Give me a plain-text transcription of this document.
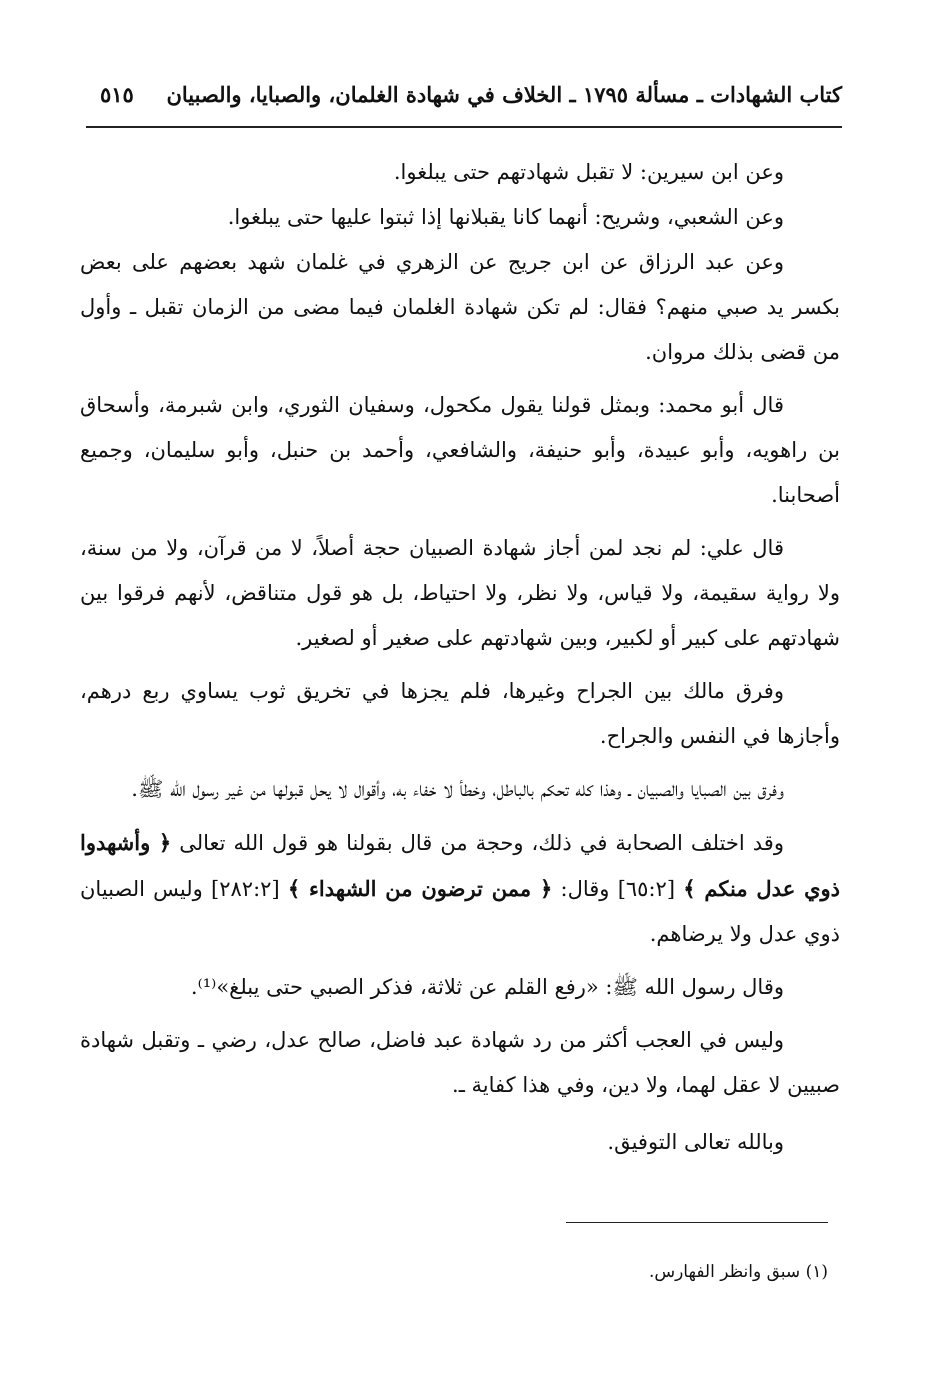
كتاب الشهادات ـ مسألة ١٧٩٥ ـ الخلاف في شهادة الغلمان، والصبايا، والصبيان
٥١٥

وعن ابن سيرين: لا تقبل شهادتهم حتى يبلغوا.

وعن الشعبي، وشريح: أنهما كانا يقبلانها إذا ثبتوا عليها حتى يبلغوا.

وعن عبد الرزاق عن ابن جريج عن الزهري في غلمان شهد بعضهم على بعض بكسر يد صبي منهم؟ فقال: لم تكن شهادة الغلمان فيما مضى من الزمان تقبل ـ وأول من قضى بذلك مروان.

قال أبو محمد: وبمثل قولنا يقول مكحول، وسفيان الثوري، وابن شبرمة، وأسحاق بن راهويه، وأبو عبيدة، وأبو حنيفة، والشافعي، وأحمد بن حنبل، وأبو سليمان، وجميع أصحابنا.

قال علي: لم نجد لمن أجاز شهادة الصبيان حجة أصلاً، لا من قرآن، ولا من سنة، ولا رواية سقيمة، ولا قياس، ولا نظر، ولا احتياط، بل هو قول متناقض، لأنهم فرقوا بين شهادتهم على كبير أو لكبير، وبين شهادتهم على صغير أو لصغير.

وفرق مالك بين الجراح وغيرها، فلم يجزها في تخريق ثوب يساوي ربع درهم، وأجازها في النفس والجراح.

وفرق بين الصبايا والصبيان ـ وهذا كله تحكم بالباطل، وخطأ لا خفاء به، وأقوال لا يحل قبولها من غير رسول الله ﷺ.

وقد اختلف الصحابة في ذلك، وحجة من قال بقولنا هو قول الله تعالى ﴿ وأشهدوا ذوي عدل منكم ﴾ [٦٥:٢] وقال: ﴿ ممن ترضون من الشهداء ﴾ [٢٨٢:٢] وليس الصبيان ذوي عدل ولا يرضاهم.

وقال رسول الله ﷺ: «رفع القلم عن ثلاثة، فذكر الصبي حتى يبلغ»⁽¹⁾.

وليس في العجب أكثر من رد شهادة عبد فاضل، صالح عدل، رضي ـ وتقبل شهادة صبيين لا عقل لهما، ولا دين، وفي هذا كفاية ـ.

وبالله تعالى التوفيق.

(١) سبق وانظر الفهارس.
